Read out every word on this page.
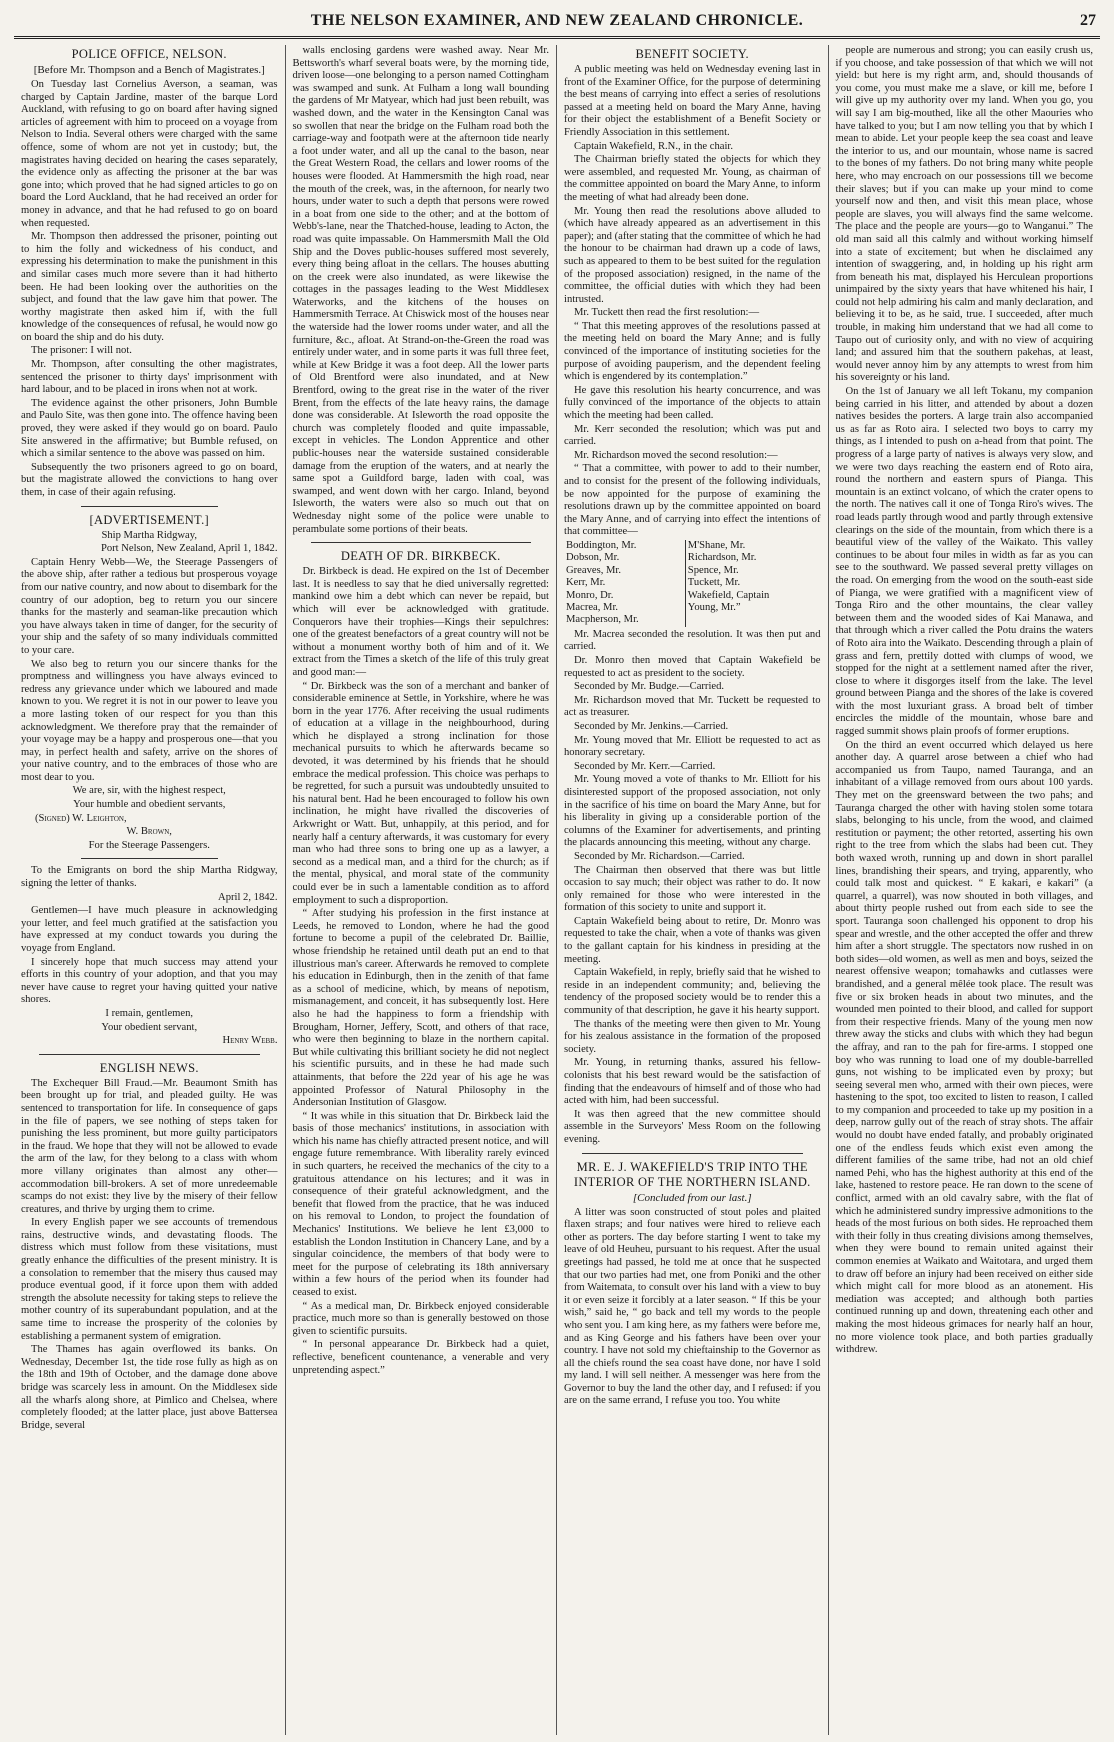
THE NELSON EXAMINER, AND NEW ZEALAND CHRONICLE.	27
POLICE OFFICE, NELSON.
[Before Mr. Thompson and a Bench of Magistrates.]

On Tuesday last Cornelius Averson, a seaman, was charged by Captain Jardine, master of the barque Lord Auckland, with refusing to go on board after having signed articles of agreement with him to proceed on a voyage from Nelson to India. Several others were charged with the same offence, some of whom are not yet in custody; but, the magistrates having decided on hearing the cases separately, the evidence only as affecting the prisoner at the bar was gone into; which proved that he had signed articles to go on board the Lord Auckland, that he had received an order for money in advance, and that he had refused to go on board when requested.

Mr. Thompson then addressed the prisoner, pointing out to him the folly and wickedness of his conduct, and expressing his determination to make the punishment in this and similar cases much more severe than it had hitherto been. He had been looking over the authorities on the subject, and found that the law gave him that power. The worthy magistrate then asked him if, with the full knowledge of the consequences of refusal, he would now go on board the ship and do his duty.

The prisoner: I will not.

Mr. Thompson, after consulting the other magistrates, sentenced the prisoner to thirty days' imprisonment with hard labour, and to be placed in irons when not at work.

The evidence against the other prisoners, John Bumble and Paulo Site, was then gone into. The offence having been proved, they were asked if they would go on board. Paulo Site answered in the affirmative; but Bumble refused, on which a similar sentence to the above was passed on him.

Subsequently the two prisoners agreed to go on board, but the magistrate allowed the convictions to hang over them, in case of their again refusing.

[ADVERTISEMENT.]

Ship Martha Ridgway,

Port Nelson, New Zealand, April 1, 1842.

Captain Henry Webb—We, the Steerage Passengers of the above ship, after rather a tedious but prosperous voyage from our native country, and now about to disembark for the country of our adoption, beg to return you our sincere thanks for the masterly and seaman-like precaution which you have always taken in time of danger, for the security of your ship and the safety of so many individuals committed to your care.

We also beg to return you our sincere thanks for the promptness and willingness you have always evinced to redress any grievance under which we laboured and made known to you. We regret it is not in our power to leave you a more lasting token of our respect for you than this acknowledgment. We therefore pray that the remainder of your voyage may be a happy and prosperous one—that you may, in perfect health and safety, arrive on the shores of your native country, and to the embraces of those who are most dear to you.

We are, sir, with the highest respect,

Your humble and obedient servants,

(Signed) W. Leighton,

W. Brown,

For the Steerage Passengers.

To the Emigrants on bord the ship Martha Ridgway, signing the letter of thanks.

April 2, 1842.

Gentlemen—I have much pleasure in acknowledging your letter, and feel much gratified at the satisfaction you have expressed at my conduct towards you during the voyage from England.

I sincerely hope that much success may attend your efforts in this country of your adoption, and that you may never have cause to regret your having quitted your native shores.

I remain, gentlemen,

Your obedient servant,

Henry Webb.

ENGLISH NEWS.

The Exchequer Bill Fraud.—Mr. Beaumont Smith has been brought up for trial, and pleaded guilty. He was sentenced to transportation for life. In consequence of gaps in the file of papers, we see nothing of steps taken for punishing the less prominent, but more guilty participators in the fraud. We hope that they will not be allowed to evade the arm of the law, for they belong to a class with whom more villany originates than almost any other—accommodation bill-brokers. A set of more unredeemable scamps do not exist: they live by the misery of their fellow creatures, and thrive by urging them to crime.

In every English paper we see accounts of tremendous rains, destructive winds, and devastating floods. The distress which must follow from these visitations, must greatly enhance the difficulties of the present ministry. It is a consolation to remember that the misery thus caused may produce eventual good, if it force upon them with added strength the absolute necessity for taking steps to relieve the mother country of its superabundant population, and at the same time to increase the prosperity of the colonies by establishing a permanent system of emigration.

The Thames has again overflowed its banks. On Wednesday, December 1st, the tide rose fully as high as on the 18th and 19th of October, and the damage done above bridge was scarcely less in amount. On the Middlesex side all the wharfs along shore, at Pimlico and Chelsea, where completely flooded; at the latter place, just above Battersea Bridge, several

walls enclosing gardens were washed away. Near Mr. Bettsworth's wharf several boats were, by the morning tide, driven loose—one belonging to a person named Cottingham was swamped and sunk. At Fulham a long wall bounding the gardens of Mr Matyear, which had just been rebuilt, was washed down, and the water in the Kensington Canal was so swollen that near the bridge on the Fulham road both the carriage-way and footpath were at the afternoon tide nearly a foot under water, and all up the canal to the bason, near the Great Western Road, the cellars and lower rooms of the houses were flooded. At Hammersmith the high road, near the mouth of the creek, was, in the afternoon, for nearly two hours, under water to such a depth that persons were rowed in a boat from one side to the other; and at the bottom of Webb's-lane, near the Thatched-house, leading to Acton, the road was quite impassable. On Hammersmith Mall the Old Ship and the Doves public-houses suffered most severely, every thing being afloat in the cellars. The houses abutting on the creek were also inundated, as were likewise the cottages in the passages leading to the West Middlesex Waterworks, and the kitchens of the houses on Hammersmith Terrace. At Chiswick most of the houses near the waterside had the lower rooms under water, and all the furniture, &c., afloat. At Strand-on-the-Green the road was entirely under water, and in some parts it was full three feet, while at Kew Bridge it was a foot deep. All the lower parts of Old Brentford were also inundated, and at New Brentford, owing to the great rise in the water of the river Brent, from the effects of the late heavy rains, the damage done was considerable. At Isleworth the road opposite the church was completely flooded and quite impassable, except in vehicles. The London Apprentice and other public-houses near the waterside sustained considerable damage from the eruption of the waters, and at nearly the same spot a Guildford barge, laden with coal, was swamped, and went down with her cargo. Inland, beyond Isleworth, the waters were also so much out that on Wednesday night some of the police were unable to perambulate some portions of their beats.

DEATH OF DR. BIRKBECK.

Dr. Birkbeck is dead. He expired on the 1st of December last. It is needless to say that he died universally regretted: mankind owe him a debt which can never be repaid, but which will ever be acknowledged with gratitude. Conquerors have their trophies—Kings their sepulchres: one of the greatest benefactors of a great country will not be without a monument worthy both of him and of it. We extract from the Times a sketch of the life of this truly great and good man:—

“ Dr. Birkbeck was the son of a merchant and banker of considerable eminence at Settle, in Yorkshire, where he was born in the year 1776. After receiving the usual rudiments of education at a village in the neighbourhood, during which he displayed a strong inclination for those mechanical pursuits to which he afterwards became so devoted, it was determined by his friends that he should embrace the medical profession. This choice was perhaps to be regretted, for such a pursuit was undoubtedly unsuited to his natural bent. Had he been encouraged to follow his own inclination, he might have rivalled the discoveries of Arkwright or Watt. But, unhappily, at this period, and for nearly half a century afterwards, it was customary for every man who had three sons to bring one up as a lawyer, a second as a medical man, and a third for the church; as if the mental, physical, and moral state of the community could ever be in such a lamentable condition as to afford employment to such a disproportion.

“ After studying his profession in the first instance at Leeds, he removed to London, where he had the good fortune to become a pupil of the celebrated Dr. Baillie, whose friendship he retained until death put an end to that illustrious man's career. Afterwards he removed to complete his education in Edinburgh, then in the zenith of that fame as a school of medicine, which, by means of nepotism, mismanagement, and conceit, it has subsequently lost. Here also he had the happiness to form a friendship with Brougham, Horner, Jeffery, Scott, and others of that race, who were then beginning to blaze in the northern capital. But while cultivating this brilliant society he did not neglect his scientific pursuits, and in these he had made such attainments, that before the 22d year of his age he was appointed Professor of Natural Philosophy in the Andersonian Institution of Glasgow.

“ It was while in this situation that Dr. Birkbeck laid the basis of those mechanics' institutions, in association with which his name has chiefly attracted present notice, and will engage future remembrance. With liberality rarely evinced in such quarters, he received the mechanics of the city to a gratuitous attendance on his lectures; and it was in consequence of their grateful acknowledgment, and the benefit that flowed from the practice, that he was induced on his removal to London, to project the foundation of Mechanics' Institutions. We believe he lent £3,000 to establish the London Institution in Chancery Lane, and by a singular coincidence, the members of that body were to meet for the purpose of celebrating its 18th anniversary within a few hours of the period when its founder had ceased to exist.

“ As a medical man, Dr. Birkbeck enjoyed considerable practice, much more so than is generally bestowed on those given to scientific pursuits.

“ In personal appearance Dr. Birkbeck had a quiet, reflective, beneficent countenance, a venerable and very unpretending aspect.”

BENEFIT SOCIETY.

A public meeting was held on Wednesday evening last in front of the Examiner Office, for the purpose of determining the best means of carrying into effect a series of resolutions passed at a meeting held on board the Mary Anne, having for their object the establishment of a Benefit Society or Friendly Association in this settlement.

Captain Wakefield, R.N., in the chair.

The Chairman briefly stated the objects for which they were assembled, and requested Mr. Young, as chairman of the committee appointed on board the Mary Anne, to inform the meeting of what had already been done.

Mr. Young then read the resolutions above alluded to (which have already appeared as an advertisement in this paper); and (after stating that the committee of which he had the honour to be chairman had drawn up a code of laws, such as appeared to them to be best suited for the regulation of the proposed association) resigned, in the name of the committee, the official duties with which they had been intrusted.

Mr. Tuckett then read the first resolution:—

“ That this meeting approves of the resolutions passed at the meeting held on board the Mary Anne; and is fully convinced of the importance of instituting societies for the purpose of avoiding pauperism, and the dependent feeling which is engendered by its contemplation.”

He gave this resolution his hearty concurrence, and was fully convinced of the importance of the objects to attain which the meeting had been called.

Mr. Kerr seconded the resolution; which was put and carried.

Mr. Richardson moved the second resolution:—

“ That a committee, with power to add to their number, and to consist for the present of the following individuals, be now appointed for the purpose of examining the resolutions drawn up by the committee appointed on board the Mary Anne, and of carrying into effect the intentions of that committee—

Boddington, Mr.	M'Shane, Mr.
Dobson, Mr.	Richardson, Mr.
Greaves, Mr.	Spence, Mr.
Kerr, Mr.	Tuckett, Mr.
Monro, Dr.	Wakefield, Captain
Macrea, Mr.	Young, Mr.”
Macpherson, Mr.	

Mr. Macrea seconded the resolution. It was then put and carried.

Dr. Monro then moved that Captain Wakefield be requested to act as president to the society.

Seconded by Mr. Budge.—Carried.

Mr. Richardson moved that Mr. Tuckett be requested to act as treasurer.

Seconded by Mr. Jenkins.—Carried.

Mr. Young moved that Mr. Elliott be requested to act as honorary secretary.

Seconded by Mr. Kerr.—Carried.

Mr. Young moved a vote of thanks to Mr. Elliott for his disinterested support of the proposed association, not only in the sacrifice of his time on board the Mary Anne, but for his liberality in giving up a considerable portion of the columns of the Examiner for advertisements, and printing the placards announcing this meeting, without any charge.

Seconded by Mr. Richardson.—Carried.

The Chairman then observed that there was but little occasion to say much; their object was rather to do. It now only remained for those who were interested in the formation of this society to unite and support it.

Captain Wakefield being about to retire, Dr. Monro was requested to take the chair, when a vote of thanks was given to the gallant captain for his kindness in presiding at the meeting.

Captain Wakefield, in reply, briefly said that he wished to reside in an independent community; and, believing the tendency of the proposed society would be to render this a community of that description, he gave it his hearty support.

The thanks of the meeting were then given to Mr. Young for his zealous assistance in the formation of the proposed society.

Mr. Young, in returning thanks, assured his fellow-colonists that his best reward would be the satisfaction of finding that the endeavours of himself and of those who had acted with him, had been successful.

It was then agreed that the new committee should assemble in the Surveyors' Mess Room on the following evening.

MR. E. J. WAKEFIELD'S TRIP INTO THE INTERIOR OF THE NORTHERN ISLAND.
[Concluded from our last.]

A litter was soon constructed of stout poles and plaited flaxen straps; and four natives were hired to relieve each other as porters. The day before starting I went to take my leave of old Heuheu, pursuant to his request. After the usual greetings had passed, he told me at once that he suspected that our two parties had met, one from Poniki and the other from Waitemata, to consult over his land with a view to buy it or even seize it forcibly at a later season. “ If this be your wish,” said he, “ go back and tell my words to the people who sent you. I am king here, as my fathers were before me, and as King George and his fathers have been over your country. I have not sold my chieftainship to the Governor as all the chiefs round the sea coast have done, nor have I sold my land. I will sell neither. A messenger was here from the Governor to buy the land the other day, and I refused: if you are on the same errand, I refuse you too. You white

people are numerous and strong; you can easily crush us, if you choose, and take possession of that which we will not yield: but here is my right arm, and, should thousands of you come, you must make me a slave, or kill me, before I will give up my authority over my land. When you go, you will say I am big-mouthed, like all the other Maouries who have talked to you; but I am now telling you that by which I mean to abide. Let your people keep the sea coast and leave the interior to us, and our mountain, whose name is sacred to the bones of my fathers. Do not bring many white people here, who may encroach on our possessions till we become their slaves; but if you can make up your mind to come yourself now and then, and visit this mean place, whose people are slaves, you will always find the same welcome. The place and the people are yours—go to Wanganui.” The old man said all this calmly and without working himself into a state of excitement; but when he disclaimed any intention of swaggering, and, in holding up his right arm from beneath his mat, displayed his Herculean proportions unimpaired by the sixty years that have whitened his hair, I could not help admiring his calm and manly declaration, and believing it to be, as he said, true. I succeeded, after much trouble, in making him understand that we had all come to Taupo out of curiosity only, and with no view of acquiring land; and assured him that the southern pakehas, at least, would never annoy him by any attempts to wrest from him his sovereignty or his land.

On the 1st of January we all left Tokanu, my companion being carried in his litter, and attended by about a dozen natives besides the porters. A large train also accompanied us as far as Roto aira. I selected two boys to carry my things, as I intended to push on a-head from that point. The progress of a large party of natives is always very slow, and we were two days reaching the eastern end of Roto aira, round the northern and eastern spurs of Pianga. This mountain is an extinct volcano, of which the crater opens to the north. The natives call it one of Tonga Riro's wives. The road leads partly through wood and partly through extensive clearings on the side of the mountain, from which there is a beautiful view of the valley of the Waikato. This valley continues to be about four miles in width as far as you can see to the southward. We passed several pretty villages on the road. On emerging from the wood on the south-east side of Pianga, we were gratified with a magnificent view of Tonga Riro and the other mountains, the clear valley between them and the wooded sides of Kai Manawa, and that through which a river called the Potu drains the waters of Roto aira into the Waikato. Descending through a plain of grass and fern, prettily dotted with clumps of wood, we stopped for the night at a settlement named after the river, close to where it disgorges itself from the lake. The level ground between Pianga and the shores of the lake is covered with the most luxuriant grass. A broad belt of timber encircles the middle of the mountain, whose bare and ragged summit shows plain proofs of former eruptions.

On the third an event occurred which delayed us here another day. A quarrel arose between a chief who had accompanied us from Taupo, named Tauranga, and an inhabitant of a village removed from ours about 100 yards. They met on the greensward between the two pahs; and Tauranga charged the other with having stolen some totara slabs, belonging to his uncle, from the wood, and claimed restitution or payment; the other retorted, asserting his own right to the tree from which the slabs had been cut. They both waxed wroth, running up and down in short parallel lines, brandishing their spears, and trying, apparently, who could talk most and quickest. “ E kakari, e kakari” (a quarrel, a quarrel), was now shouted in both villages, and about thirty people rushed out from each side to see the sport. Tauranga soon challenged his opponent to drop his spear and wrestle, and the other accepted the offer and threw him after a short struggle. The spectators now rushed in on both sides—old women, as well as men and boys, seized the nearest offensive weapon; tomahawks and cutlasses were brandished, and a general mêlée took place. The result was five or six broken heads in about two minutes, and the wounded men pointed to their blood, and called for support from their respective friends. Many of the young men now threw away the sticks and clubs with which they had begun the affray, and ran to the pah for fire-arms. I stopped one boy who was running to load one of my double-barrelled guns, not wishing to be implicated even by proxy; but seeing several men who, armed with their own pieces, were hastening to the spot, too excited to listen to reason, I called to my companion and proceeded to take up my position in a deep, narrow gully out of the reach of stray shots. The affair would no doubt have ended fatally, and probably originated one of the endless feuds which exist even among the different families of the same tribe, had not an old chief named Pehi, who has the highest authority at this end of the lake, hastened to restore peace. He ran down to the scene of conflict, armed with an old cavalry sabre, with the flat of which he administered sundry impressive admonitions to the heads of the most furious on both sides. He reproached them with their folly in thus creating divisions among themselves, when they were bound to remain united against their common enemies at Waikato and Waitotara, and urged them to draw off before an injury had been received on either side which might call for more blood as an atonement. His mediation was accepted; and although both parties continued running up and down, threatening each other and making the most hideous grimaces for nearly half an hour, no more violence took place, and both parties gradually withdrew.
